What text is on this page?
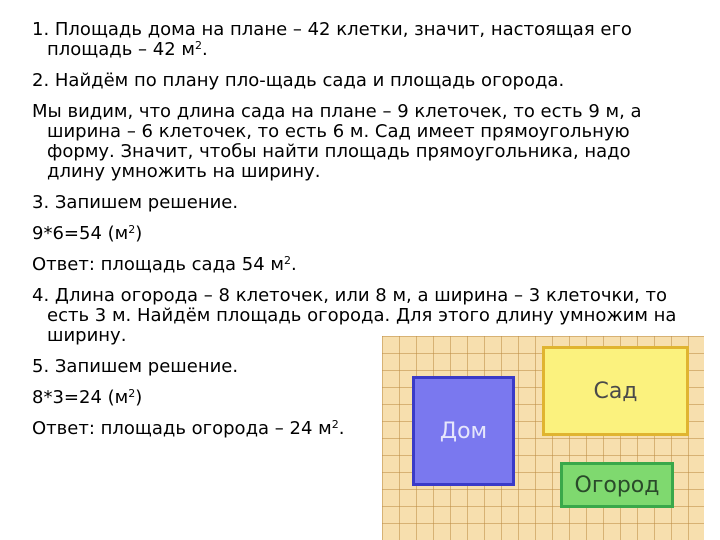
1. Площадь дома на плане – 42 клетки, значит, настоящая его площадь – 42 $м^2$.

2. Найдём по плану пло-щадь сада и площадь огорода.

Мы видим, что длина сада на плане – 9 клеточек, то есть 9 м, а ширина – 6 клеточек, то есть 6 м. Сад имеет прямоугольную форму. Значит, чтобы найти площадь прямоугольника, надо длину умножить на ширину.

3. Запишем решение.

9*6=54 $(м^2)$

Ответ: площадь сада 54 $м^2$.

4. Длина огорода – 8 клеточек, или 8 м, а ширина – 3 клеточки, то есть 3 м. Найдём площадь огорода. Для этого длину умножим на ширину.

5. Запишем решение.

8*3=24 $(м^2)$

Ответ: площадь огорода – 24 $м^2$.	Дом
Сад
Огород
